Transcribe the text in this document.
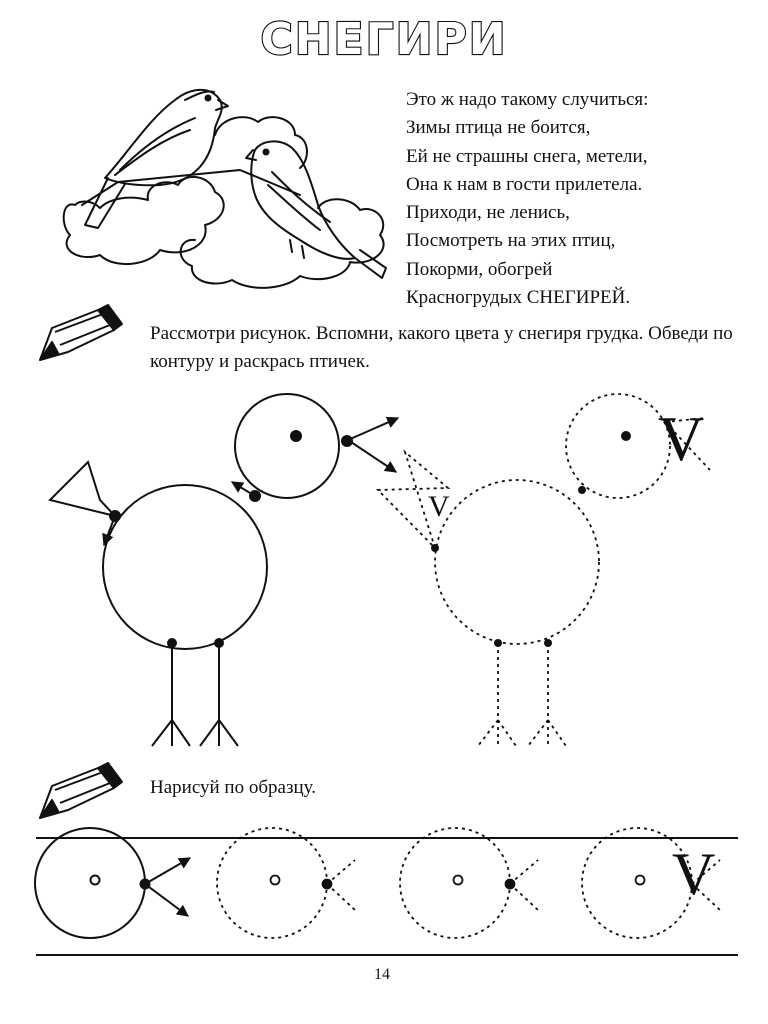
СНЕГИРИ
Это ж надо такому случиться:
Зимы птица не боится,
Ей не страшны снега, метели,
Она к нам в гости прилетела.
Приходи, не ленись,
Посмотреть на этих птиц,
Покорми, обогрей
Красногрудых СНЕГИРЕЙ.
Рассмотри рисунок. Вспомни, какого цвета у снегиря грудка. Обведи по контуру и раскрась птичек.
V
V
Нарисуй по образцу.
V
14
